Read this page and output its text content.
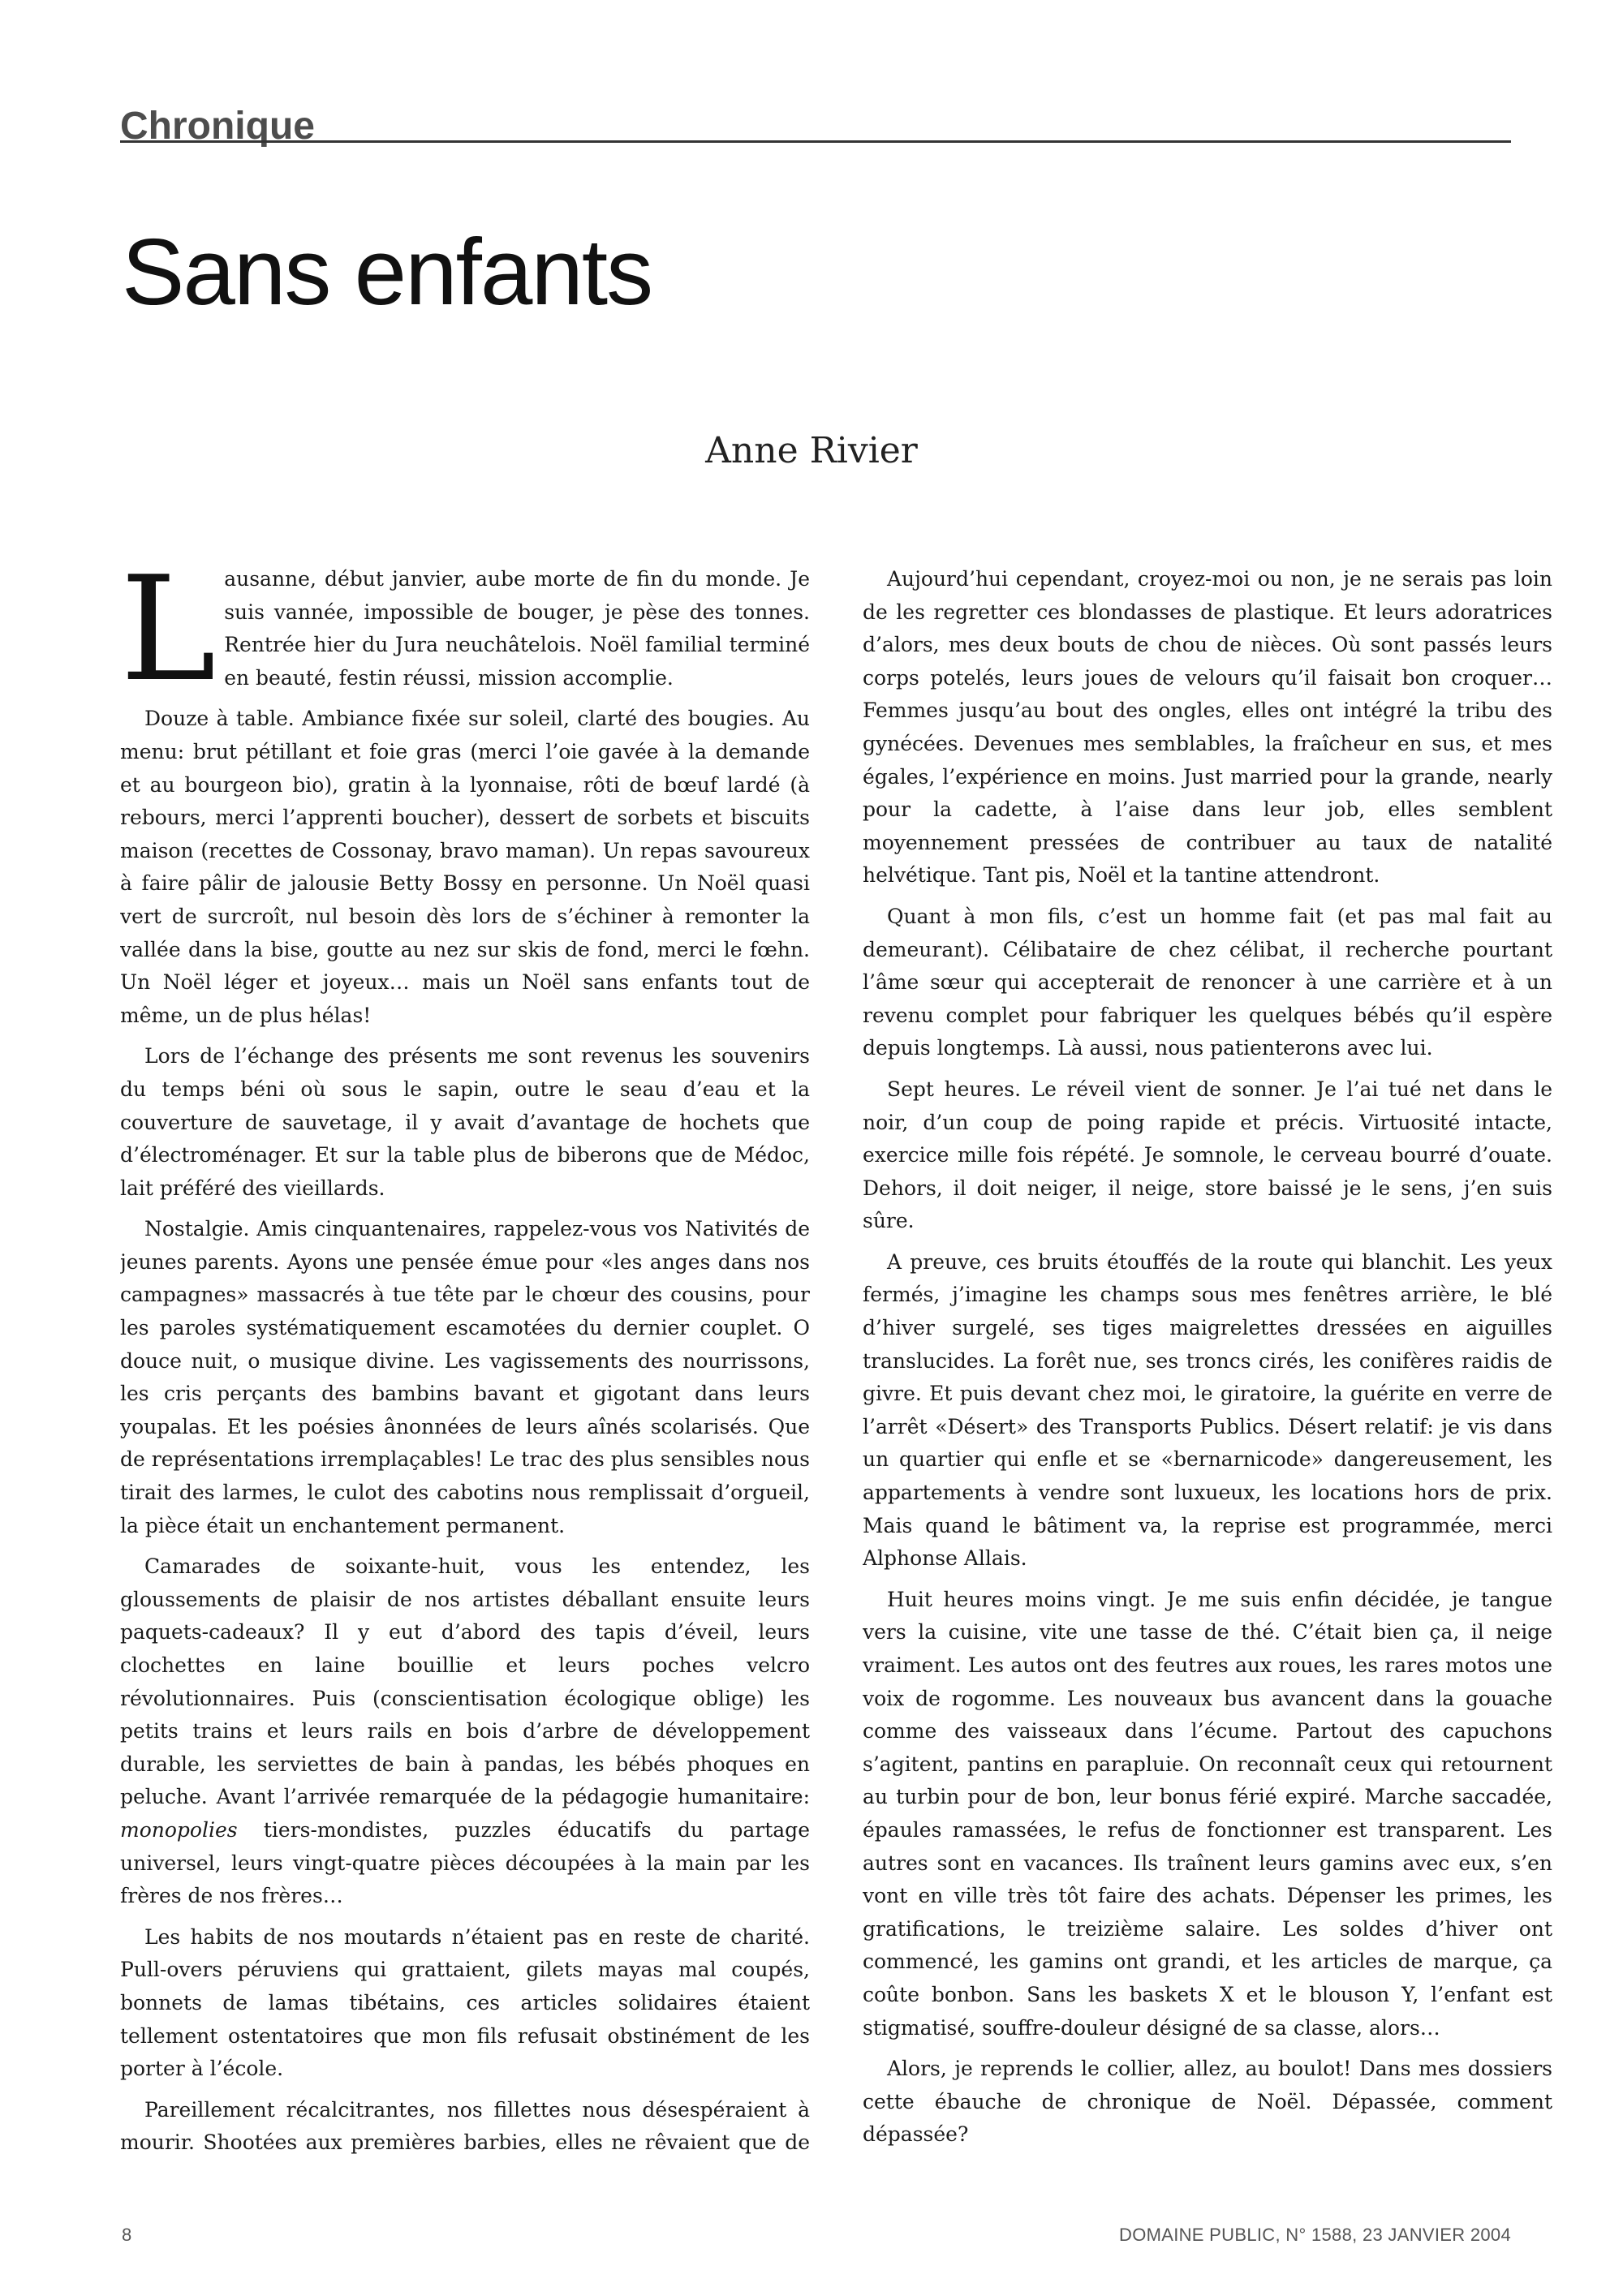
Chronique
Sans enfants
Anne Rivier

Lausanne, début janvier, aube morte de fin du monde. Je suis vannée, impossible de bouger, je pèse des tonnes. Rentrée hier du Jura neuchâtelois. Noël familial terminé en beauté, festin réussi, mission accomplie.

Douze à table. Ambiance fixée sur soleil, clarté des bougies. Au menu: brut pétillant et foie gras (merci l’oie gavée à la demande et au bourgeon bio), gratin à la lyonnaise, rôti de bœuf lardé (à rebours, merci l’apprenti boucher), dessert de sorbets et biscuits maison (recettes de Cossonay, bravo maman). Un repas savoureux à faire pâlir de jalousie Betty Bossy en personne. Un Noël quasi vert de surcroît, nul besoin dès lors de s’échiner à remonter la vallée dans la bise, goutte au nez sur skis de fond, merci le fœhn. Un Noël léger et joyeux… mais un Noël sans enfants tout de même, un de plus hélas!

Lors de l’échange des présents me sont revenus les souvenirs du temps béni où sous le sapin, outre le seau d’eau et la couverture de sauvetage, il y avait d’avantage de hochets que d’électroménager. Et sur la table plus de biberons que de Médoc, lait préféré des vieillards.

Nostalgie. Amis cinquantenaires, rappelez-vous vos Nativités de jeunes parents. Ayons une pensée émue pour «les anges dans nos campagnes» massacrés à tue tête par le chœur des cousins, pour les paroles systématiquement escamotées du dernier couplet. O douce nuit, o musique divine. Les vagissements des nourrissons, les cris perçants des bambins bavant et gigotant dans leurs youpalas. Et les poésies ânonnées de leurs aînés scolarisés. Que de représentations irremplaçables! Le trac des plus sensibles nous tirait des larmes, le culot des cabotins nous remplissait d’orgueil, la pièce était un enchantement permanent.

Camarades de soixante-huit, vous les entendez, les gloussements de plaisir de nos artistes déballant ensuite leurs paquets-cadeaux? Il y eut d’abord des tapis d’éveil, leurs clochettes en laine bouillie et leurs poches velcro révolutionnaires. Puis (conscientisation écologique oblige) les petits trains et leurs rails en bois d’arbre de développement durable, les serviettes de bain à pandas, les bébés phoques en peluche. Avant l’arrivée remarquée de la pédagogie humanitaire: monopolies tiers-mondistes, puzzles éducatifs du partage universel, leurs vingt-quatre pièces découpées à la main par les frères de nos frères…

Les habits de nos moutards n’étaient pas en reste de charité. Pull-overs péruviens qui grattaient, gilets mayas mal coupés, bonnets de lamas tibétains, ces articles solidaires étaient tellement ostentatoires que mon fils refusait obstinément de les porter à l’école.

Pareillement récalcitrantes, nos fillettes nous désespéraient à mourir. Shootées aux premières barbies, elles ne rêvaient que de

Aujourd’hui cependant, croyez-moi ou non, je ne serais pas loin de les regretter ces blondasses de plastique. Et leurs adoratrices d’alors, mes deux bouts de chou de nièces. Où sont passés leurs corps potelés, leurs joues de velours qu’il faisait bon croquer… Femmes jusqu’au bout des ongles, elles ont intégré la tribu des gynécées. Devenues mes semblables, la fraîcheur en sus, et mes égales, l’expérience en moins. Just married pour la grande, nearly pour la cadette, à l’aise dans leur job, elles semblent moyennement pressées de contribuer au taux de natalité helvétique. Tant pis, Noël et la tantine attendront.

Quant à mon fils, c’est un homme fait (et pas mal fait au demeurant). Célibataire de chez célibat, il recherche pourtant l’âme sœur qui accepterait de renoncer à une carrière et à un revenu complet pour fabriquer les quelques bébés qu’il espère depuis longtemps. Là aussi, nous patienterons avec lui.

Sept heures. Le réveil vient de sonner. Je l’ai tué net dans le noir, d’un coup de poing rapide et précis. Virtuosité intacte, exercice mille fois répété. Je somnole, le cerveau bourré d’ouate. Dehors, il doit neiger, il neige, store baissé je le sens, j’en suis sûre.

A preuve, ces bruits étouffés de la route qui blanchit. Les yeux fermés, j’imagine les champs sous mes fenêtres arrière, le blé d’hiver surgelé, ses tiges maigrelettes dressées en aiguilles translucides. La forêt nue, ses troncs cirés, les conifères raidis de givre. Et puis devant chez moi, le giratoire, la guérite en verre de l’arrêt «Désert» des Transports Publics. Désert relatif: je vis dans un quartier qui enfle et se «bernarnicode» dangereusement, les appartements à vendre sont luxueux, les locations hors de prix. Mais quand le bâtiment va, la reprise est programmée, merci Alphonse Allais.

Huit heures moins vingt. Je me suis enfin décidée, je tangue vers la cuisine, vite une tasse de thé. C’était bien ça, il neige vraiment. Les autos ont des feutres aux roues, les rares motos une voix de rogomme. Les nouveaux bus avancent dans la gouache comme des vaisseaux dans l’écume. Partout des capuchons s’agitent, pantins en parapluie. On reconnaît ceux qui retournent au turbin pour de bon, leur bonus férié expiré. Marche saccadée, épaules ramassées, le refus de fonctionner est transparent. Les autres sont en vacances. Ils traînent leurs gamins avec eux, s’en vont en ville très tôt faire des achats. Dépenser les primes, les gratifications, le treizième salaire. Les soldes d’hiver ont commencé, les gamins ont grandi, et les articles de marque, ça coûte bonbon. Sans les baskets X et le blouson Y, l’enfant est stigmatisé, souffre-douleur désigné de sa classe, alors…

Alors, je reprends le collier, allez, au boulot! Dans mes dossiers cette ébauche de chronique de Noël. Dépassée, comment dépassée?

8	DOMAINE PUBLIC, N° 1588, 23 JANVIER 2004
